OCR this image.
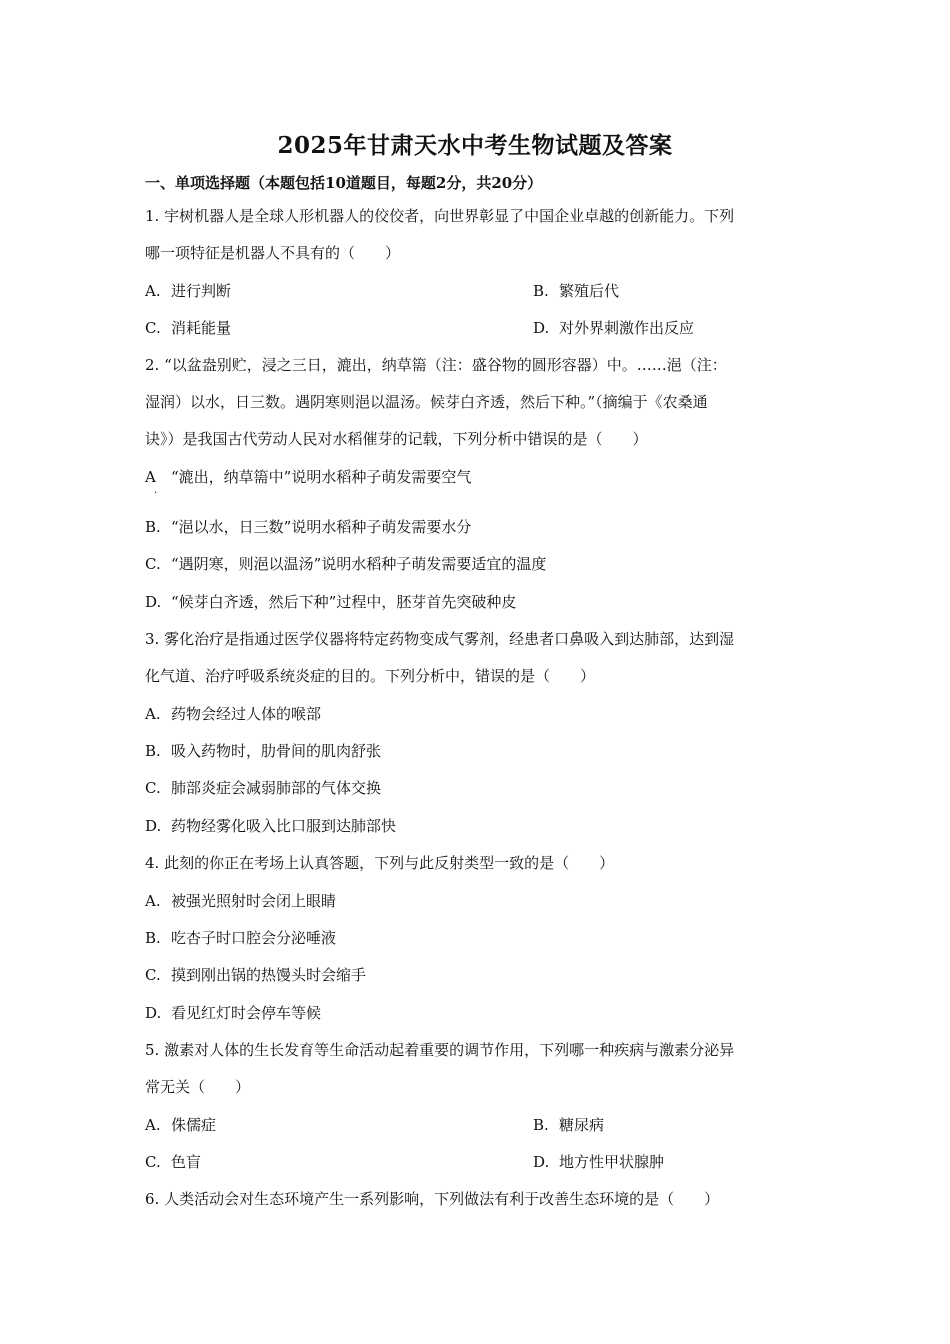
2025年甘肃天水中考生物试题及答案
一、单项选择题（本题包括10道题目，每题2分，共20分）
1. 宇树机器人是全球人形机器人的佼佼者，向世界彰显了中国企业卓越的创新能力。下列
哪一项特征是机器人不具有的（　　）
A. 进行判断	B. 繁殖后代
C. 消耗能量	D. 对外界刺激作出反应
2. “以盆盎别贮，浸之三日，漉出，纳草篅（注：盛谷物的圆形容器）中。……浥（注：
湿润）以水，日三数。遇阴寒则浥以温汤。候芽白齐透，然后下种。”（摘编于《农桑通
诀》）是我国古代劳动人民对水稻催芽的记载，下列分析中错误的是（　　）
A “漉出，纳草篅中”说明水稻种子萌发需要空气
·
B. “浥以水，日三数”说明水稻种子萌发需要水分
C. “遇阴寒，则浥以温汤”说明水稻种子萌发需要适宜的温度
D. “候芽白齐透，然后下种”过程中，胚芽首先突破种皮
3. 雾化治疗是指通过医学仪器将特定药物变成气雾剂，经患者口鼻吸入到达肺部，达到湿
化气道、治疗呼吸系统炎症的目的。下列分析中，错误的是（　　）
A. 药物会经过人体的喉部
B. 吸入药物时，肋骨间的肌肉舒张
C. 肺部炎症会减弱肺部的气体交换
D. 药物经雾化吸入比口服到达肺部快
4. 此刻的你正在考场上认真答题，下列与此反射类型一致的是（　　）
A. 被强光照射时会闭上眼睛
B. 吃杏子时口腔会分泌唾液
C. 摸到刚出锅的热馒头时会缩手
D. 看见红灯时会停车等候
5. 激素对人体的生长发育等生命活动起着重要的调节作用，下列哪一种疾病与激素分泌异
常无关（　　）
A. 侏儒症	B. 糖尿病
C. 色盲	D. 地方性甲状腺肿
6. 人类活动会对生态环境产生一系列影响，下列做法有利于改善生态环境的是（　　）
